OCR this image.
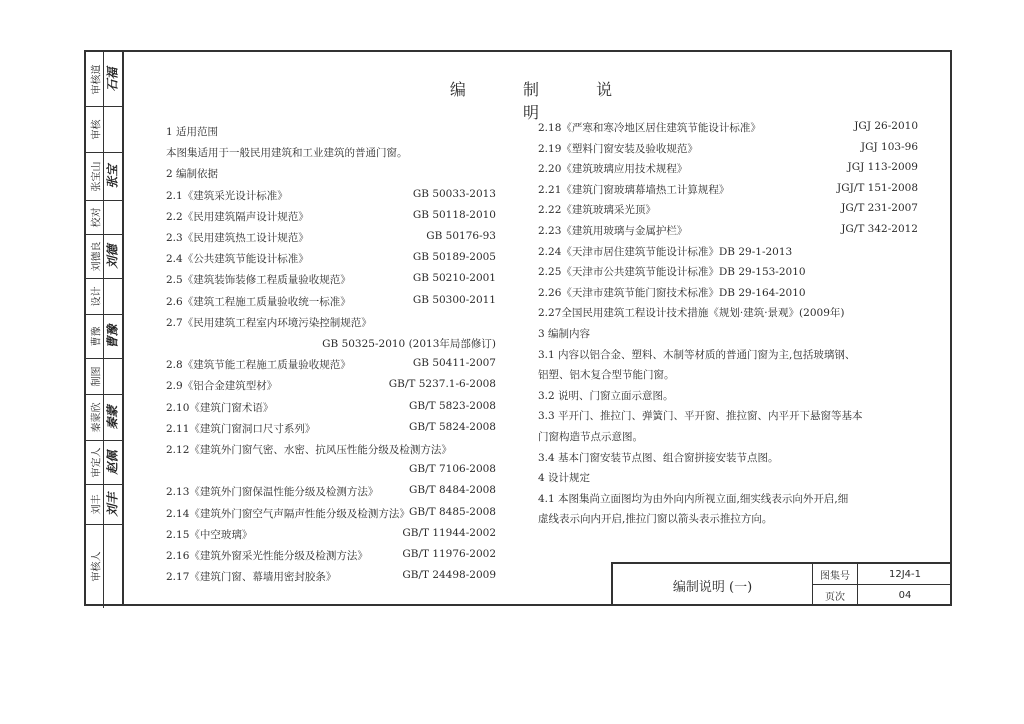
审核道 石福
审核
张宝山 张宝
校对
刘德良 刘德
设计
曹豫 曹豫
制图
秦蒙欣 秦蒙
审定人 赵佩
刘丰 刘丰
审核人
编 制 说 明
1 适用范围
本图集适用于一般民用建筑和工业建筑的普通门窗。
2 编制依据
2.1《建筑采光设计标准》	GB 50033-2013
2.2《民用建筑隔声设计规范》	GB 50118-2010
2.3《民用建筑热工设计规范》	GB 50176-93
2.4《公共建筑节能设计标准》	GB 50189-2005
2.5《建筑装饰装修工程质量验收规范》	GB 50210-2001
2.6《建筑工程施工质量验收统一标准》	GB 50300-2011
2.7《民用建筑工程室内环境污染控制规范》
GB 50325-2010 (2013年局部修订)
2.8《建筑节能工程施工质量验收规范》	GB 50411-2007
2.9《铝合金建筑型材》	GB/T 5237.1-6-2008
2.10《建筑门窗术语》	GB/T 5823-2008
2.11《建筑门窗洞口尺寸系列》	GB/T 5824-2008
2.12《建筑外门窗气密、水密、抗风压性能分级及检测方法》
GB/T 7106-2008
2.13《建筑外门窗保温性能分级及检测方法》	GB/T 8484-2008
2.14《建筑外门窗空气声隔声性能分级及检测方法》 GB/T 8485-2008
2.15《中空玻璃》	GB/T 11944-2002
2.16《建筑外窗采光性能分级及检测方法》	GB/T 11976-2002
2.17《建筑门窗、幕墙用密封胶条》	GB/T 24498-2009
2.18《严寒和寒冷地区居住建筑节能设计标准》	JGJ 26-2010
2.19《塑料门窗安装及验收规范》	JGJ 103-96
2.20《建筑玻璃应用技术规程》	JGJ 113-2009
2.21《建筑门窗玻璃幕墙热工计算规程》	JGJ/T 151-2008
2.22《建筑玻璃采光顶》	JG/T 231-2007
2.23《建筑用玻璃与金属护栏》	JG/T 342-2012
2.24《天津市居住建筑节能设计标准》DB 29-1-2013
2.25《天津市公共建筑节能设计标准》DB 29-153-2010
2.26《天津市建筑节能门窗技术标准》DB 29-164-2010
2.27全国民用建筑工程设计技术措施《规划·建筑·景观》(2009年)
3 编制内容
3.1 内容以铝合金、塑料、木制等材质的普通门窗为主,包括玻璃钢、
铝塑、铝木复合型节能门窗。
3.2 说明、门窗立面示意图。
3.3 平开门、推拉门、弹簧门、平开窗、推拉窗、内平开下悬窗等基本
门窗构造节点示意图。
3.4 基本门窗安装节点图、组合窗拼接安装节点图。
4 设计规定
4.1 本图集尚立面图均为由外向内所视立面,细实线表示向外开启,细
虚线表示向内开启,推拉门窗以箭头表示推拉方向。
编制说明 (一)
图集号	12J4-1
页次	04
